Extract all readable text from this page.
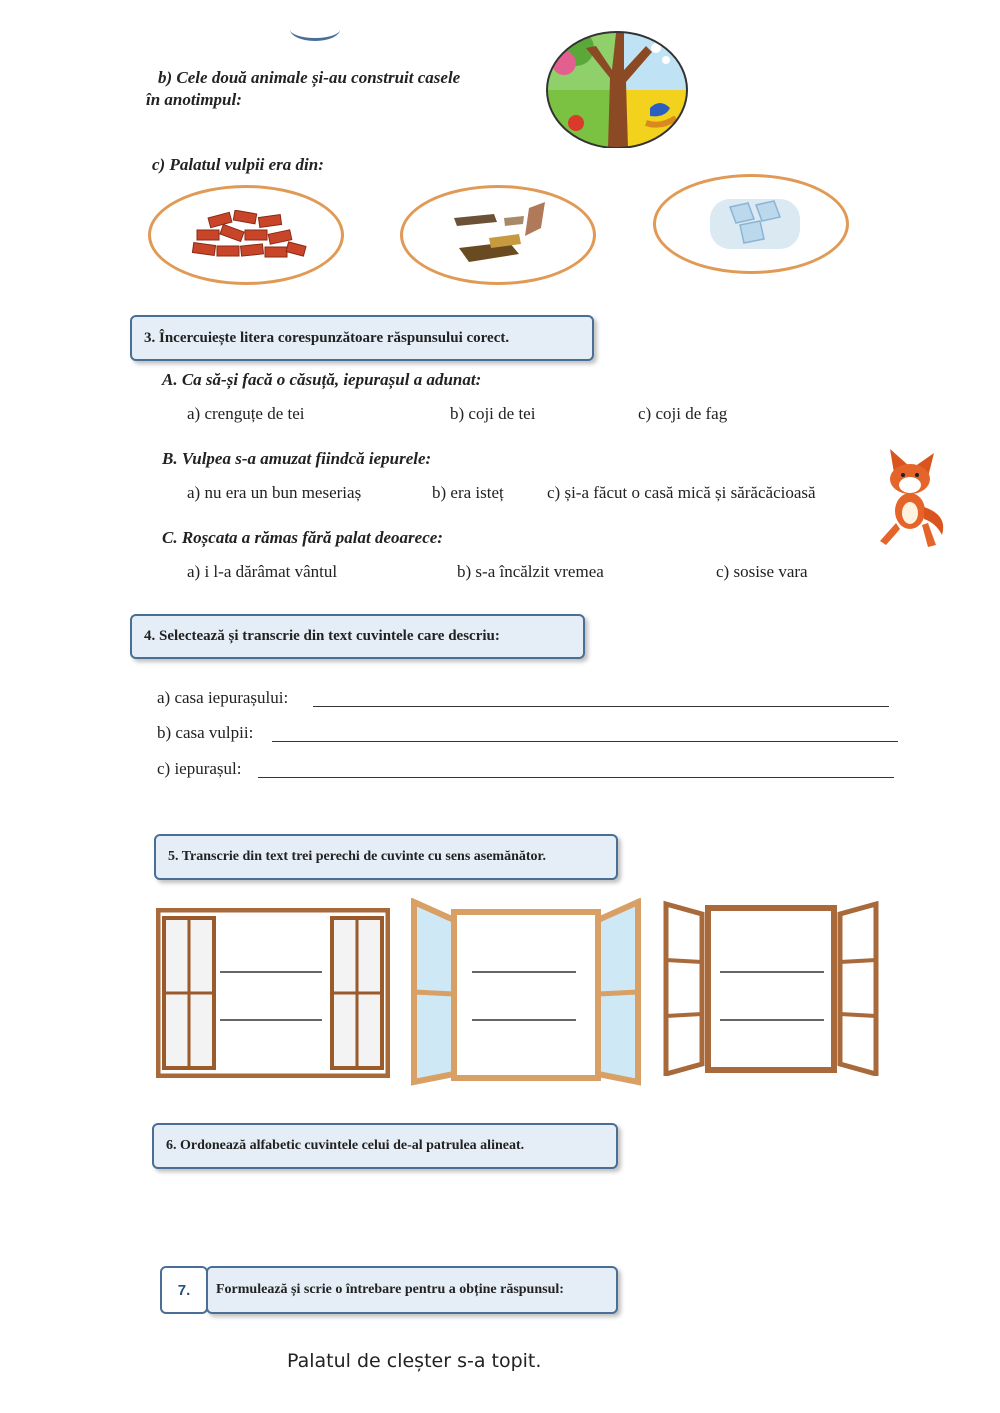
b) Cele două animale și-au construit casele
în anotimpul:
c) Palatul vulpii era din:
3. Încercuiește litera corespunzătoare răspunsului corect.
A. Ca să-și facă o căsuță, iepurașul a adunat:
a) crenguțe de tei	b) coji de tei	c) coji de fag
B. Vulpea s-a amuzat fiindcă iepurele:
a) nu era un bun meseriaș	b) era isteț	c) și-a făcut o casă mică și sărăcăcioasă
C. Roșcata a rămas fără palat deoarece:
a) i l-a dărâmat vântul	b) s-a încălzit vremea	c) sosise vara
4. Selectează și transcrie din text cuvintele care descriu:
a) casa iepurașului:
b) casa vulpii:
c) iepurașul:
5. Transcrie din text trei perechi de cuvinte cu sens asemănător.
6. Ordonează alfabetic cuvintele celui de-al patrulea alineat.
7. Formulează și scrie o întrebare pentru a obține răspunsul:
Palatul de cleșter s-a topit.
